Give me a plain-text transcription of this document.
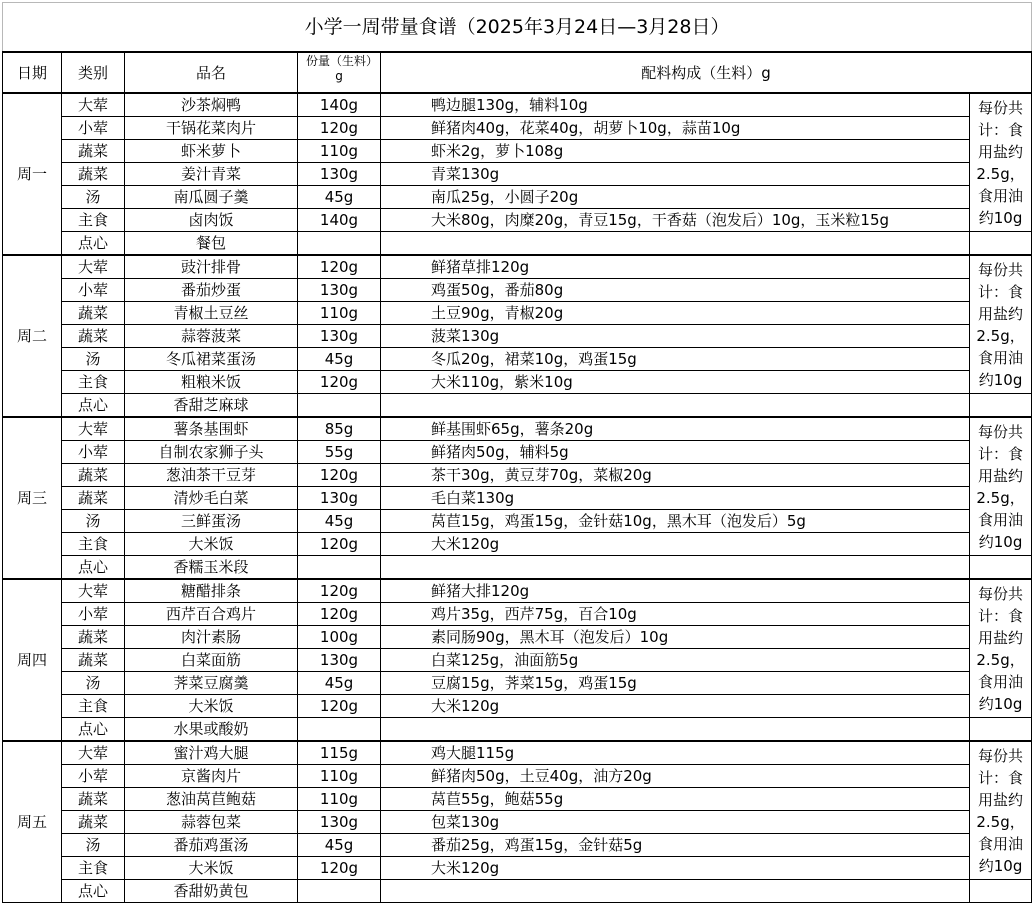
小学一周带量食谱（2025年3月24日—3月28日）					
日期	类别	品名	份量（生料）g	配料构成（生料）g	
周一	大荤	沙茶焖鸭	140g	鸭边腿130g，辅料10g	每份共计：食用盐约2.5g，食用油约10g
	小荤	干锅花菜肉片	120g	鲜猪肉40g，花菜40g，胡萝卜10g，蒜苗10g	
	蔬菜	虾米萝卜	110g	虾米2g，萝卜108g	
	蔬菜	姜汁青菜	130g	青菜130g	
	汤	南瓜圆子羹	45g	南瓜25g，小圆子20g	
	主食	卤肉饭	140g	大米80g，肉糜20g，青豆15g，干香菇（泡发后）10g，玉米粒15g	
	点心	餐包			
周二	大荤	豉汁排骨	120g	鲜猪草排120g	每份共计：食用盐约2.5g，食用油约10g
	小荤	番茄炒蛋	130g	鸡蛋50g，番茄80g	
	蔬菜	青椒土豆丝	110g	土豆90g，青椒20g	
	蔬菜	蒜蓉菠菜	130g	菠菜130g	
	汤	冬瓜裙菜蛋汤	45g	冬瓜20g，裙菜10g，鸡蛋15g	
	主食	粗粮米饭	120g	大米110g，紫米10g	
	点心	香甜芝麻球			
周三	大荤	薯条基围虾	85g	鲜基围虾65g，薯条20g	每份共计：食用盐约2.5g，食用油约10g
	小荤	自制农家狮子头	55g	鲜猪肉50g，辅料5g	
	蔬菜	葱油茶干豆芽	120g	茶干30g，黄豆芽70g，菜椒20g	
	蔬菜	清炒毛白菜	130g	毛白菜130g	
	汤	三鲜蛋汤	45g	莴苣15g，鸡蛋15g，金针菇10g，黑木耳（泡发后）5g	
	主食	大米饭	120g	大米120g	
	点心	香糯玉米段			
周四	大荤	糖醋排条	120g	鲜猪大排120g	每份共计：食用盐约2.5g，食用油约10g
	小荤	西芹百合鸡片	120g	鸡片35g，西芹75g，百合10g	
	蔬菜	肉汁素肠	100g	素同肠90g，黑木耳（泡发后）10g	
	蔬菜	白菜面筋	130g	白菜125g，油面筋5g	
	汤	荠菜豆腐羹	45g	豆腐15g，荠菜15g，鸡蛋15g	
	主食	大米饭	120g	大米120g	
	点心	水果或酸奶			
周五	大荤	蜜汁鸡大腿	115g	鸡大腿115g	每份共计：食用盐约2.5g，食用油约10g
	小荤	京酱肉片	110g	鲜猪肉50g，土豆40g，油方20g	
	蔬菜	葱油莴苣鲍菇	110g	莴苣55g，鲍菇55g	
	蔬菜	蒜蓉包菜	130g	包菜130g	
	汤	番茄鸡蛋汤	45g	番茄25g，鸡蛋15g，金针菇5g	
	主食	大米饭	120g	大米120g	
	点心	香甜奶黄包			
